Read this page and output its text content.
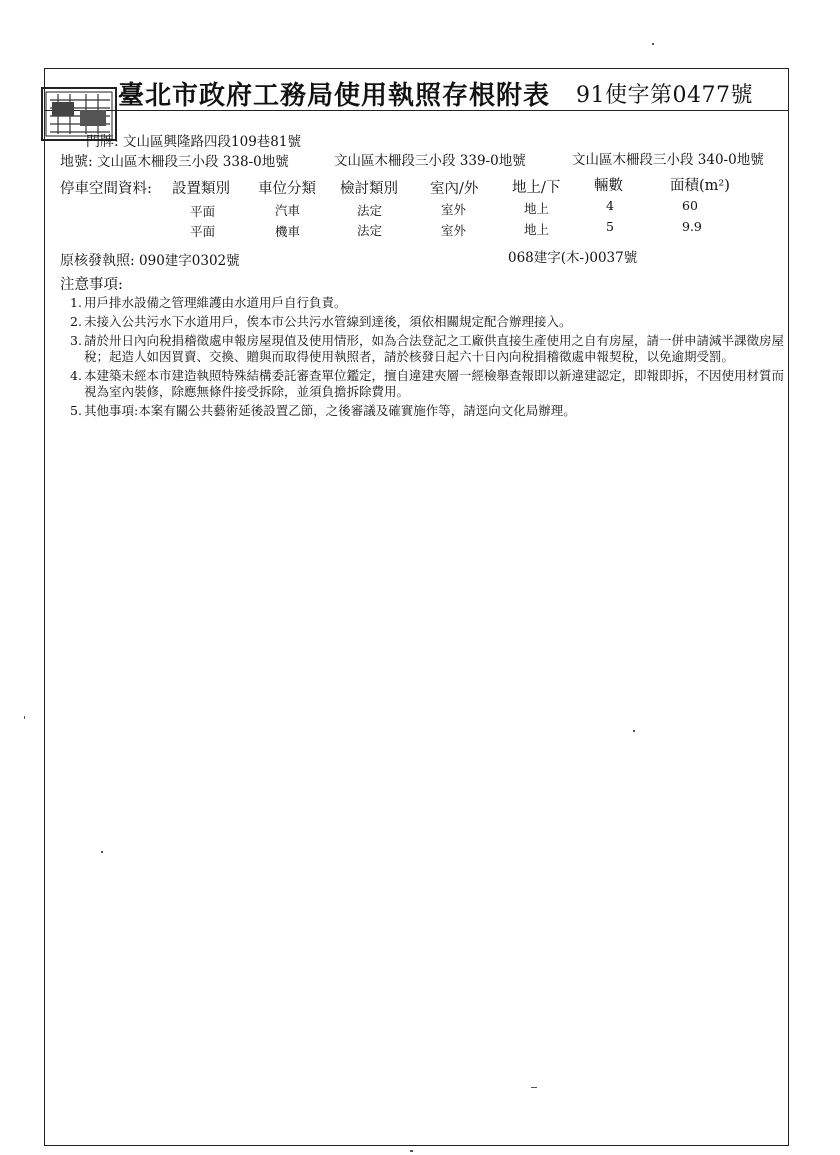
臺北市政府工務局使用執照存根附表 91使字第0477號
門牌: 文山區興隆路四段109巷81號
地號: 文山區木柵段三小段 338-0地號	文山區木柵段三小段 339-0地號	文山區木柵段三小段 340-0地號
停車空間資料: 設置類別 車位分類 檢討類別 室內/外 地上/下 輛數	面積(m²)
平面	汽車	法定	室外	地上	4	60
平面	機車	法定	室外	地上	5	9.9
原核發執照: 090建字0302號	068建字(木-)0037號
注意事項:
1. 用戶排水設備之管理維護由水道用戶自行負責。
2. 未接入公共污水下水道用戶，俟本市公共污水管線到達後，須依相關規定配合辦理接入。
3. 請於卅日內向稅捐稽徵處申報房屋現值及使用情形，如為合法登記之工廠供直接生產使用之自有房屋，請一併申請減半課徵房屋稅；起造人如因買賣、交換、贈與而取得使用執照者，請於核發日起六十日內向稅捐稽徵處申報契稅，以免逾期受罰。
4. 本建築未經本市建造執照特殊結構委託審查單位鑑定，擅自違建夾層一經檢舉查報即以新違建認定，即報即拆，不因使用材質而視為室內裝修，除應無條件接受拆除，並須負擔拆除費用。
5. 其他事項:本案有關公共藝術延後設置乙節，之後審議及確實施作等，請逕向文化局辦理。
